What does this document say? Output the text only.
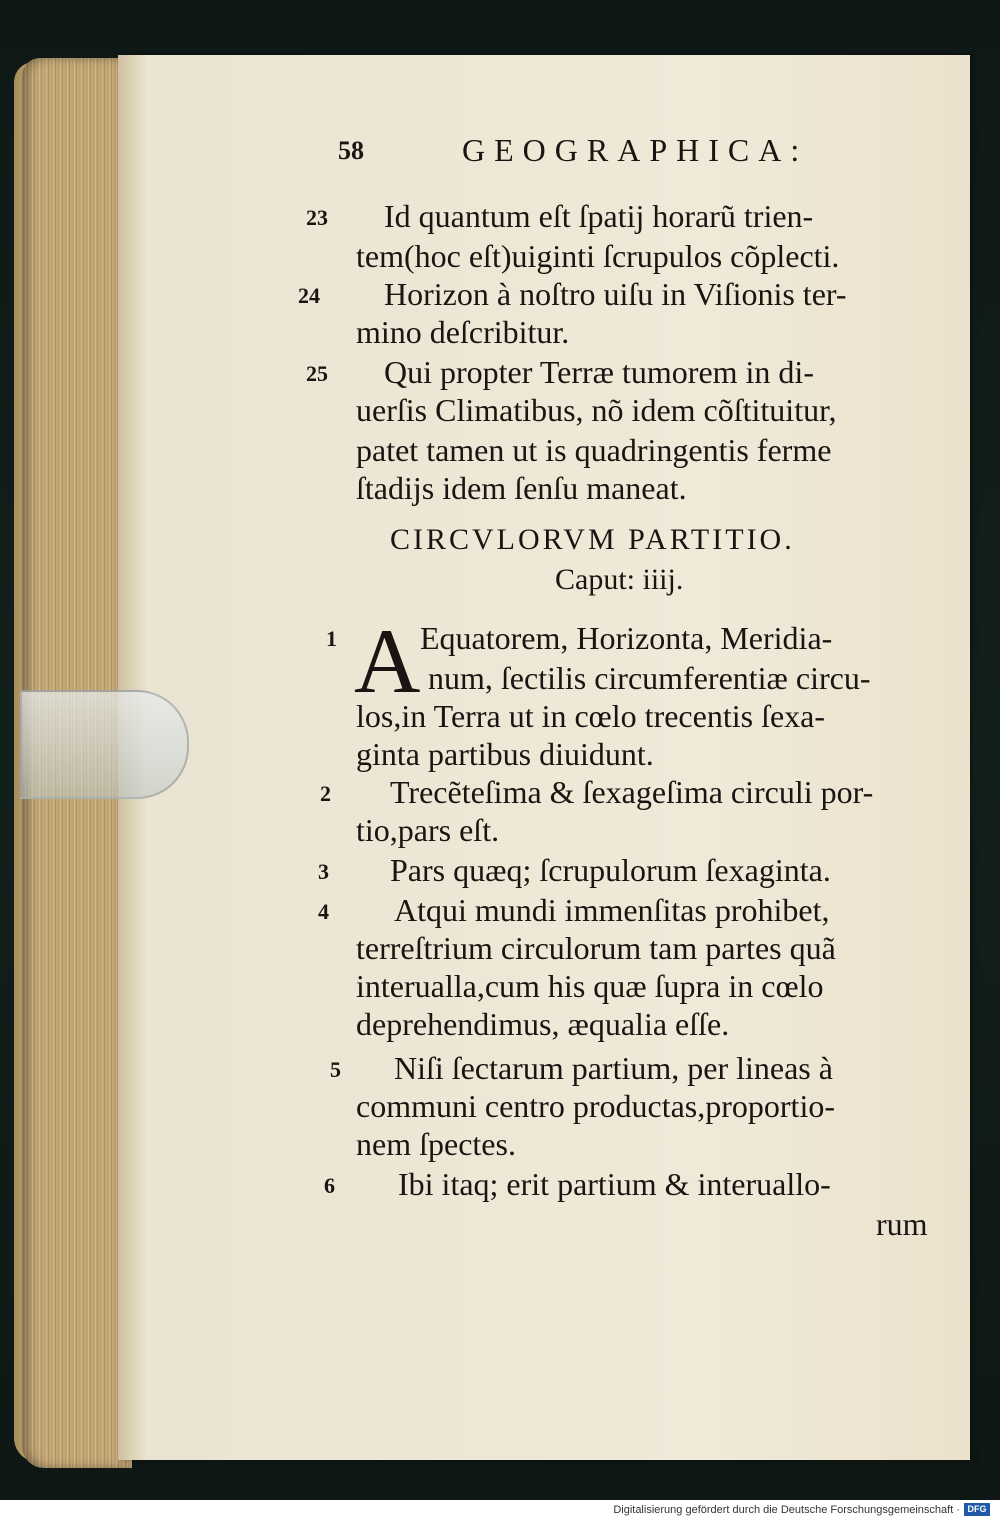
58	GEOGRAPHICA:
23 Id quantum eſt ſpatij horarũ trien-
tem(hoc eſt)uiginti ſcrupulos cõplecti.
24 Horizon à noſtro uiſu in Viſionis ter-
mino deſcribitur.
25 Qui propter Terræ tumorem in di-
uerſis Climatibus, nõ idem cõſtituitur,
patet tamen ut is quadringentis ferme
ſtadijs idem ſenſu maneat.
CIRCVLORVM PARTITIO.
Caput: iiij.
1 A Equatorem, Horizonta, Meridia-
num, ſectilis circumferentiæ circu-
los,in Terra ut in cœlo trecentis ſexa-
ginta partibus diuidunt.
2 Trecẽteſima & ſexageſima circuli por-
tio,pars eſt.
3 Pars quæq; ſcrupulorum ſexaginta.
4 Atqui mundi immenſitas prohibet,
terreſtrium circulorum tam partes quã
interualla,cum his quæ ſupra in cœlo
deprehendimus, æqualia eſſe.
5 Niſi ſectarum partium, per lineas à
communi centro productas,proportio-
nem ſpectes.
6 Ibi itaq; erit partium & interuallo-
rum
Digitalisierung gefördert durch die Deutsche Forschungsgemeinschaft · DFG
